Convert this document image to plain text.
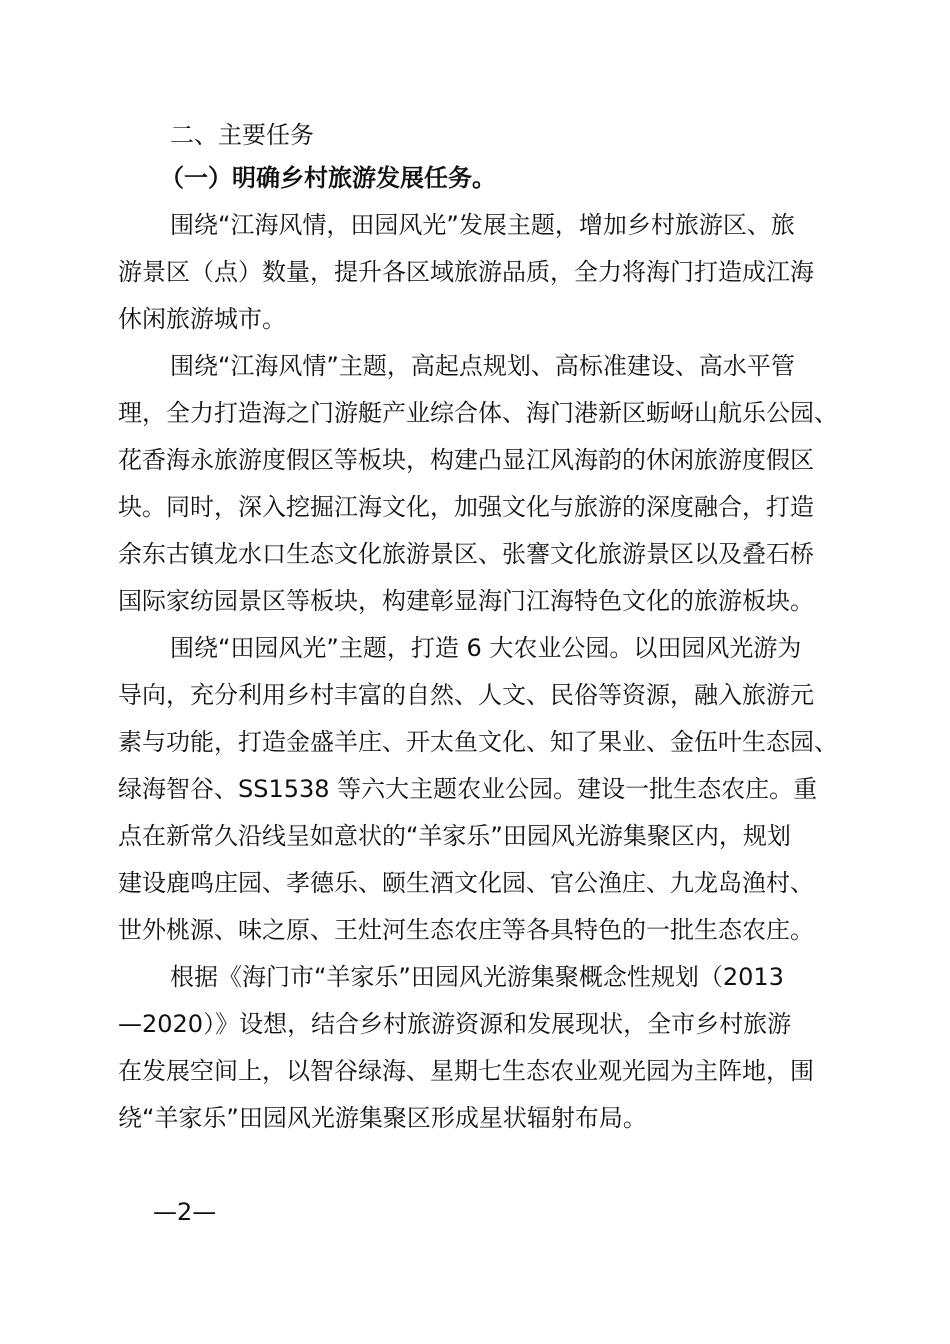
二、主要任务
（一）明确乡村旅游发展任务。
围绕“江海风情，田园风光”发展主题，增加乡村旅游区、旅
游景区（点）数量，提升各区域旅游品质，全力将海门打造成江海
休闲旅游城市。
围绕“江海风情”主题，高起点规划、高标准建设、高水平管
理，全力打造海之门游艇产业综合体、海门港新区蛎岈山航乐公园、
花香海永旅游度假区等板块，构建凸显江风海韵的休闲旅游度假区
块。同时，深入挖掘江海文化，加强文化与旅游的深度融合，打造
余东古镇龙水口生态文化旅游景区、张謇文化旅游景区以及叠石桥
国际家纺园景区等板块，构建彰显海门江海特色文化的旅游板块。
围绕“田园风光”主题，打造 6 大农业公园。以田园风光游为
导向，充分利用乡村丰富的自然、人文、民俗等资源，融入旅游元
素与功能，打造金盛羊庄、开太鱼文化、知了果业、金伍叶生态园、
绿海智谷、SS1538 等六大主题农业公园。建设一批生态农庄。重
点在新常久沿线呈如意状的“羊家乐”田园风光游集聚区内，规划
建设鹿鸣庄园、孝德乐、颐生酒文化园、官公渔庄、九龙岛渔村、
世外桃源、味之原、王灶河生态农庄等各具特色的一批生态农庄。
根据《海门市“羊家乐”田园风光游集聚概念性规划（2013
—2020）》设想，结合乡村旅游资源和发展现状，全市乡村旅游
在发展空间上，以智谷绿海、星期七生态农业观光园为主阵地，围
绕“羊家乐”田园风光游集聚区形成星状辐射布局。
—2—
